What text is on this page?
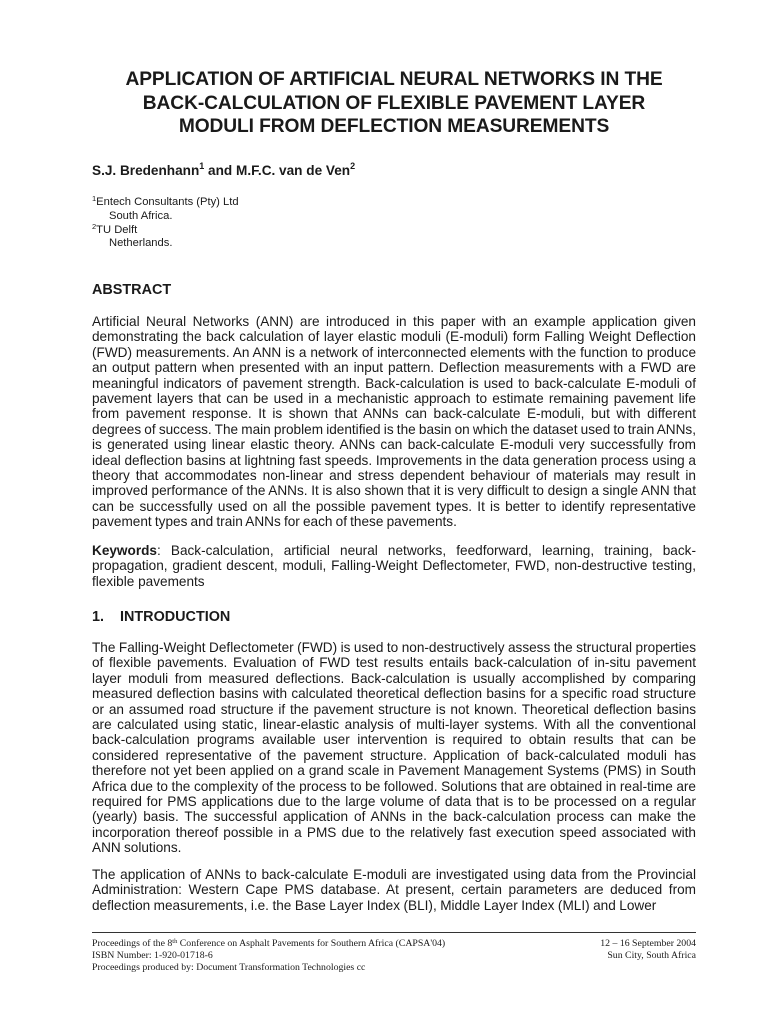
APPLICATION OF ARTIFICIAL NEURAL NETWORKS IN THE
BACK-CALCULATION OF FLEXIBLE PAVEMENT LAYER
MODULI FROM DEFLECTION MEASUREMENTS
S.J. Bredenhann$^1$ and M.F.C. van de Ven$^2$
$^1$Entech Consultants (Pty) Ltd
South Africa.
$^2$TU Delft
Netherlands.
ABSTRACT
Artificial Neural Networks (ANN) are introduced in this paper with an example application given demonstrating the back calculation of layer elastic moduli (E-moduli) form Falling Weight Deflection (FWD) measurements. An ANN is a network of interconnected elements with the function to produce an output pattern when presented with an input pattern. Deflection measurements with a FWD are meaningful indicators of pavement strength. Back-calculation is used to back-calculate E-moduli of pavement layers that can be used in a mechanistic approach to estimate remaining pavement life from pavement response. It is shown that ANNs can back-calculate E-moduli, but with different degrees of success. The main problem identified is the basin on which the dataset used to train ANNs, is generated using linear elastic theory. ANNs can back-calculate E-moduli very successfully from ideal deflection basins at lightning fast speeds. Improvements in the data generation process using a theory that accommodates non-linear and stress dependent behaviour of materials may result in improved performance of the ANNs. It is also shown that it is very difficult to design a single ANN that can be successfully used on all the possible pavement types. It is better to identify representative pavement types and train ANNs for each of these pavements.
Keywords: Back-calculation, artificial neural networks, feedforward, learning, training, back-propagation, gradient descent, moduli, Falling-Weight Deflectometer, FWD, non-destructive testing, flexible pavements
1. INTRODUCTION
The Falling-Weight Deflectometer (FWD) is used to non-destructively assess the structural properties of flexible pavements. Evaluation of FWD test results entails back-calculation of in-situ pavement layer moduli from measured deflections. Back-calculation is usually accomplished by comparing measured deflection basins with calculated theoretical deflection basins for a specific road structure or an assumed road structure if the pavement structure is not known. Theoretical deflection basins are calculated using static, linear-elastic analysis of multi-layer systems. With all the conventional back-calculation programs available user intervention is required to obtain results that can be considered representative of the pavement structure. Application of back-calculated moduli has therefore not yet been applied on a grand scale in Pavement Management Systems (PMS) in South Africa due to the complexity of the process to be followed. Solutions that are obtained in real-time are required for PMS applications due to the large volume of data that is to be processed on a regular (yearly) basis. The successful application of ANNs in the back-calculation process can make the incorporation thereof possible in a PMS due to the relatively fast execution speed associated with ANN solutions.
The application of ANNs to back-calculate E-moduli are investigated using data from the Provincial Administration: Western Cape PMS database. At present, certain parameters are deduced from deflection measurements, i.e. the Base Layer Index (BLI), Middle Layer Index (MLI) and Lower
Proceedings of the 8th Conference on Asphalt Pavements for Southern Africa (CAPSA'04)
ISBN Number: 1-920-01718-6
Proceedings produced by: Document Transformation Technologies cc
12 – 16 September 2004
Sun City, South Africa
